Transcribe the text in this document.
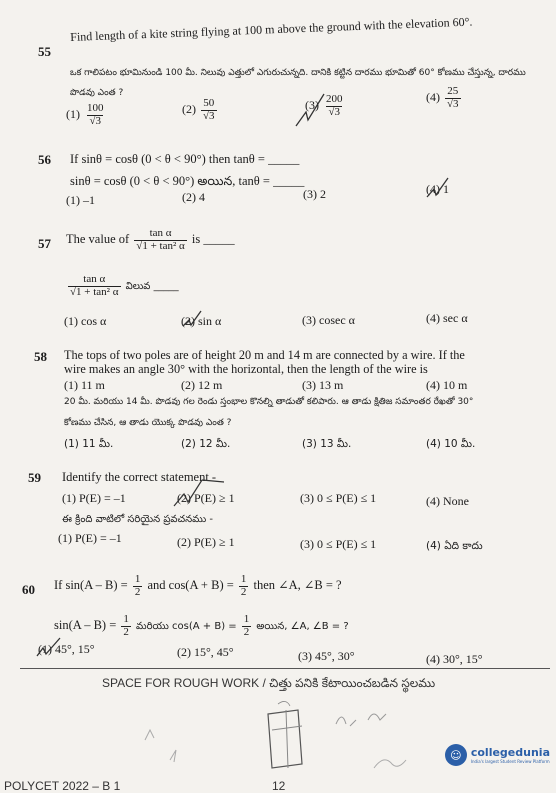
55
Find length of a kite string flying at 100 m above the ground with the elevation 60°.
ఒక గాలిపటం భూమినుండి 100 మీ. నిలువు ఎత్తులో ఎగురుచున్నది. దానికి కట్టిన దారము భూమితో 60° కోణము చేస్తున్న, దారము పొడవు ఎంత ?
$(1) \frac{100}{√3}$	$(2) \frac{50}{√3}$	$(3) \frac{200}{√3}$	$(4) \frac{25}{√3}$
56 If sinθ = cosθ (0 < θ < 90°) then tanθ = _____
sinθ = cosθ (0 < θ < 90°) అయిన, tanθ = _____
(1) –1	(2) 4	(3) 2	(4) 1
57 The value of $\frac{\text{tan α}}{\text{√1 + tan² α}}$ is _____
$\frac{\text{tan α}}{\text{√1 + tan² α}}$ విలువ _____
(1) cos α	(2) sin α	(3) cosec α	(4) sec α
58 The tops of two poles are of height 20 m and 14 m are connected by a wire. If the
wire makes an angle 30° with the horizontal, then the length of the wire is
(1) 11 m	(2) 12 m	(3) 13 m	(4) 10 m
20 మీ. మరియు 14 మీ. పొడవు గల రెండు స్తంభాల కొనల్ని తాడుతో కలిపారు. ఆ తాడు క్షితిజ సమాంతర రేఖతో 30°
కోణము చేసిన, ఆ తాడు యొక్క పొడవు ఎంత ?
(1) 11 మీ.	(2) 12 మీ.	(3) 13 మీ.	(4) 10 మీ.
59 Identify the correct statement -
(1) P(E) = –1	(2) P(E) ≥ 1	(3) 0 ≤ P(E) ≤ 1	(4) None
ఈ క్రింది వాటిలో సరియైన ప్రవచనము -
(1) P(E) = –1	(2) P(E) ≥ 1	(3) 0 ≤ P(E) ≤ 1	(4) ఏది కాదు
60 If $\sin(A - B) = \frac{1}{2}$ and $\cos(A + B) = \frac{1}{2}$ then ∠A, ∠B = ?
$\sin(A - B) = \frac{1}{2}$ మరియు $\cos(A + B) = \frac{1}{2}$ అయిన, ∠A, ∠B = ?
(1) 45°, 15°	(2) 15°, 45°	(3) 45°, 30°	(4) 30°, 15°
SPACE FOR ROUGH WORK / చిత్తు పనికి కేటాయించబడిన స్థలము
☺ collegedunia
India's largest Student Review Platform
POLYCET 2022 – B 1	12
